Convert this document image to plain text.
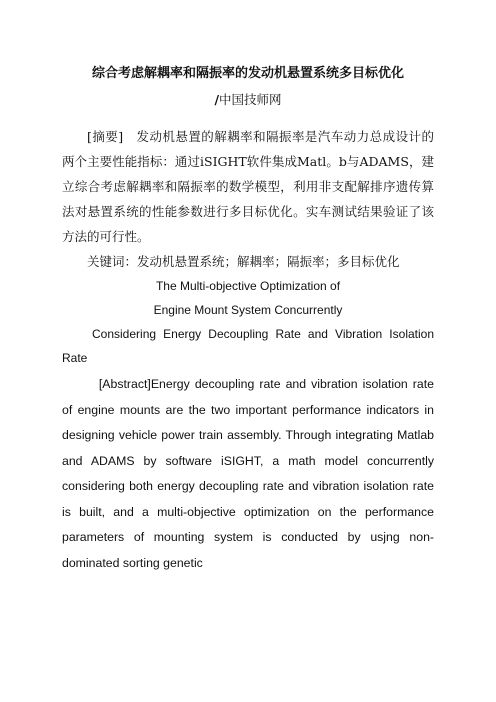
综合考虑解耦率和隔振率的发动机悬置系统多目标优化

/中国技师网

[摘要]　发动机悬置的解耦率和隔振率是汽车动力总成设计的两个主要性能指标：通过iSIGHT软件集成Matl。b与ADAMS，建立综合考虑解耦率和隔振率的数学模型，利用非支配解排序遗传算法对悬置系统的性能参数进行多目标优化。实车测试结果验证了该方法的可行性。

关键词：发动机悬置系统；解耦率；隔振率；多目标优化

The Multi-objective Optimization of

Engine Mount System Concurrently

Considering Energy Decoupling Rate and Vibration Isolation Rate

[Abstract]Energy decoupling rate and vibration isolation rate of engine mounts are the two important performance indicators in designing vehicle power train assembly. Through integrating Matlab and ADAMS by software iSIGHT, a math model concurrently considering both energy decoupling rate and vibration isolation rate is built, and a multi-objective optimization on the performance parameters of mounting system is conducted by usjng non-dominated sorting genetic
